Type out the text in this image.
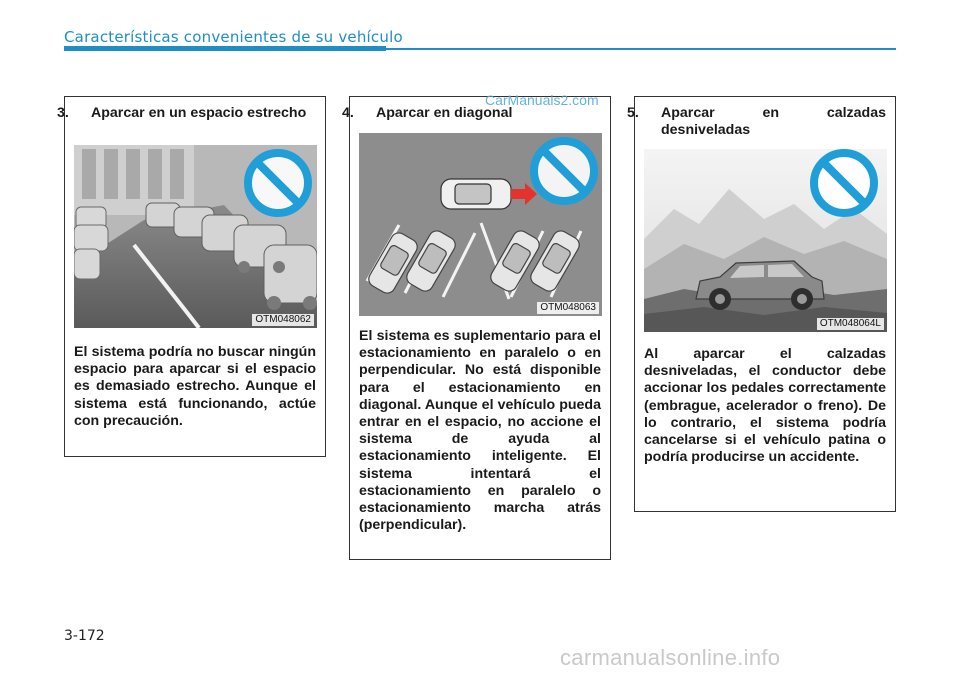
Características convenientes de su vehículo
3. Aparcar en un espacio estrecho
OTM048062
El sistema podría no buscar ningún espacio para aparcar si el espacio es demasiado estrecho. Aunque el sistema está funcionando, actúe con precaución.
4. Aparcar en diagonal
OTM048063
El sistema es suplementario para el estacionamiento en paralelo o en perpendicular. No está disponible para el estacionamiento en diagonal. Aunque el vehículo pueda entrar en el espacio, no accione el sistema de ayuda al estacionamiento inteligente. El sistema intentará el estacionamiento en paralelo o estacionamiento marcha atrás (perpendicular).
5. Aparcar en calzadas desniveladas
OTM048064L
Al aparcar el calzadas desniveladas, el conductor debe accionar los pedales correctamente (embrague, acelerador o freno). De lo contrario, el sistema podría cancelarse si el vehículo patina o podría producirse un accidente.
CarManuals2.com
3-172
carmanualsonline.info
